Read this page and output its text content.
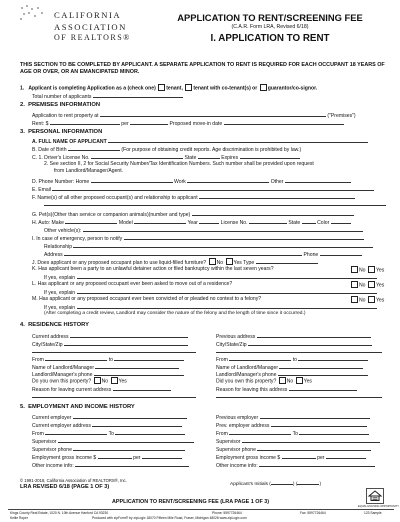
CALIFORNIA
ASSOCIATION
OF REALTORS®
APPLICATION TO RENT/SCREENING FEE
(C.A.R. Form LRA, Revised 6/18)
I. APPLICATION TO RENT
THIS SECTION TO BE COMPLETED BY APPLICANT. A SEPARATE APPLICATION TO RENT IS REQUIRED FOR EACH OCCUPANT 18 YEARS OF AGE OR OVER, OR AN EMANCIPATED MINOR.
1. Applicant is completing Application as a (check one) tenant, tenant with co-tenant(s) or guarantor/co-signor.
Total number of applicants
2. PREMISES INFORMATION
Application to rent property at	("Premises")
Rent: $	per	Proposed move-in date
3. PERSONAL INFORMATION
A. FULL NAME OF APPLICANT
B. Date of Birth	(For purpose of obtaining credit reports. Age discrimination is prohibited by law.)
C. 1. Driver's License No.	State	Expires
2. See section II, 2 for Social Security Number/Tax Identification Numbers. Such number shall be provided upon request
from Landlord/Manager/Agent.
D. Phone Number: Home	Work	Other
E. Email
F. Name(s) of all other proposed occupant(s) and relationship to applicant
G. Pet(s)(Other than service or companion animals)(number and type)
H. Auto: Make	Model	Year	License No.	State	Color
Other vehicle(s):
I. In case of emergency, person to notify
Relationship
Address	Phone
J. Does applicant or any proposed occupant plan to use liquid-filled furniture? No Yes Type
K. Has applicant been a party to an unlawful detainer action or filed bankruptcy within the last seven years?	No Yes
If yes, explain
L. Has applicant or any proposed occupant ever been asked to move out of a residence?	No Yes
If yes, explain
M. Has applicant or any proposed occupant ever been convicted of or pleaded no contest to a felony?	No Yes
If yes, explain
(After completing a credit review, Landlord may consider the nature of the felony and the length of time since it occurred.)
4. RESIDENCE HISTORY
Current address
City/State/Zip
From	to
Name of Landlord/Manager
Landlord/Manager's phone
Do you own this property? No Yes
Reason for leaving current address
Previous address
City/State/Zip
From	to
Name of Landlord/Manager
Landlord/Manager's phone
Did you own this property? No Yes
Reason for leaving this address
5. EMPLOYMENT AND INCOME HISTORY
Current employer
Current employer address
From	To
Supervisor
Supervisor phone
Employment gross income $	per
Other income info:
Previous employer
Prev. employer address
From	To
Supervisor
Supervisor phone
Employment gross income $	per
Other income info:
© 1991-2018, California Association of REALTORS®, Inc.
LRA REVISED 6/18 (PAGE 1 OF 3)	Applicant's Initials (	) (	)
EQUAL HOUSING OPPORTUNITY
APPLICATION TO RENT/SCREENING FEE (LRA PAGE 1 OF 3)
Kings County Real Estate, 1020 N. 10th Avenue Hanford CA 93230
Kellie Roper
Phone: 5597726464	Fax: 5597726464	123 Sample
Produced with zipForm® by zipLogix 18070 Fifteen Mile Road, Fraser, Michigan 48026 www.zipLogix.com
